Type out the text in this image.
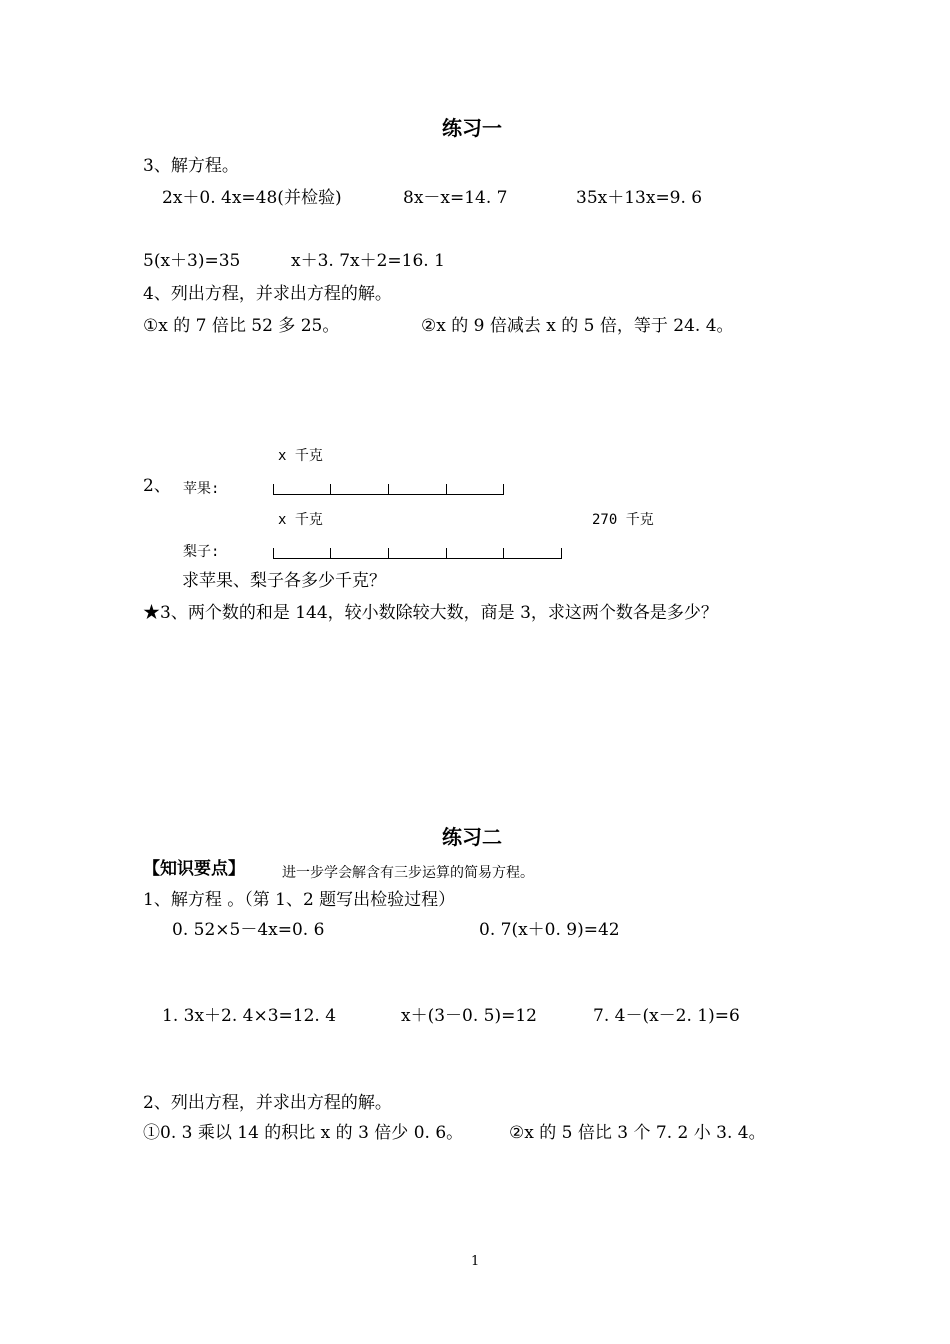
练习一
3、解方程。
2x＋0. 4x=48(并检验)	8x－x=14. 7	35x＋13x=9. 6
5(x＋3)=35	x＋3. 7x＋2=16. 1
4、列出方程，并求出方程的解。
①x 的 7 倍比 52 多 25。	②x 的 9 倍减去 x 的 5 倍，等于 24. 4。
x 千克
2、 苹果:
x 千克	270 千克
梨子:
求苹果、梨子各多少千克？
★3、两个数的和是 144，较小数除较大数，商是 3，求这两个数各是多少？
练习二
【知识要点】	进一步学会解含有三步运算的简易方程。
1、解方程 。（第 1、2 题写出检验过程）
0. 52×5－4x=0. 6	0. 7(x＋0. 9)=42
1. 3x＋2. 4×3=12. 4	x＋(3－0. 5)=12	7. 4－(x－2. 1)=6
2、列出方程，并求出方程的解。
①0. 3 乘以 14 的积比 x 的 3 倍少 0. 6。	②x 的 5 倍比 3 个 7. 2 小 3. 4。
1
